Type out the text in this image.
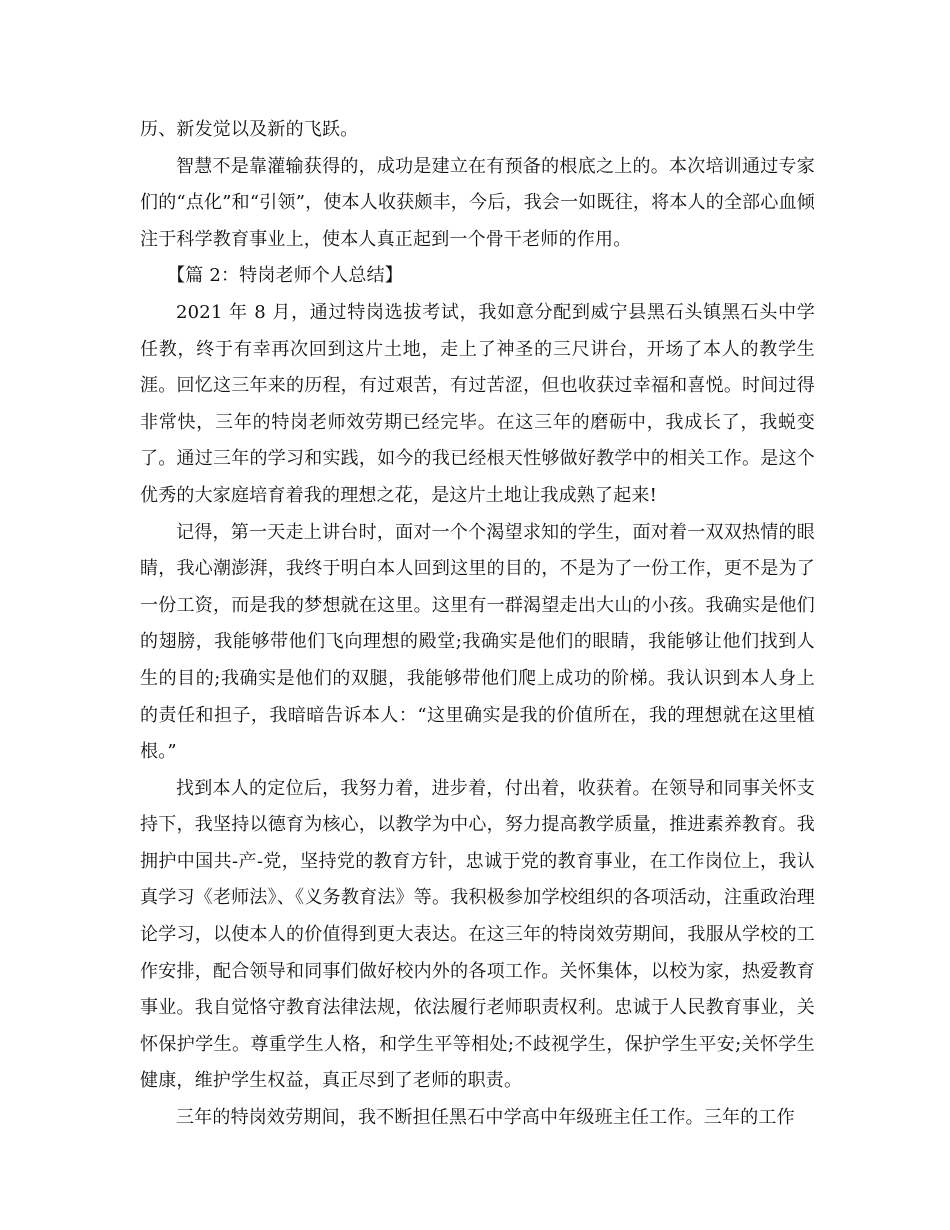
历、新发觉以及新的飞跃。

智慧不是靠灌输获得的，成功是建立在有预备的根底之上的。本次培训通过专家们的“点化”和“引领”，使本人收获颇丰，今后，我会一如既往，将本人的全部心血倾注于科学教育事业上，使本人真正起到一个骨干老师的作用。

【篇 2：特岗老师个人总结】

2021 年 8 月，通过特岗选拔考试，我如意分配到威宁县黑石头镇黑石头中学任教，终于有幸再次回到这片土地，走上了神圣的三尺讲台，开场了本人的教学生涯。回忆这三年来的历程，有过艰苦，有过苦涩，但也收获过幸福和喜悦。时间过得非常快，三年的特岗老师效劳期已经完毕。在这三年的磨砺中，我成长了，我蜕变了。通过三年的学习和实践，如今的我已经根天性够做好教学中的相关工作。是这个优秀的大家庭培育着我的理想之花，是这片土地让我成熟了起来!

记得，第一天走上讲台时，面对一个个渴望求知的学生，面对着一双双热情的眼睛，我心潮澎湃，我终于明白本人回到这里的目的，不是为了一份工作，更不是为了一份工资，而是我的梦想就在这里。这里有一群渴望走出大山的小孩。我确实是他们的翅膀，我能够带他们飞向理想的殿堂;我确实是他们的眼睛，我能够让他们找到人生的目的;我确实是他们的双腿，我能够带他们爬上成功的阶梯。我认识到本人身上的责任和担子，我暗暗告诉本人：“这里确实是我的价值所在，我的理想就在这里植根。”

找到本人的定位后，我努力着，进步着，付出着，收获着。在领导和同事关怀支持下，我坚持以德育为核心，以教学为中心，努力提高教学质量，推进素养教育。我拥护中国共-产-党，坚持党的教育方针，忠诚于党的教育事业，在工作岗位上，我认真学习《老师法》、《义务教育法》等。我积极参加学校组织的各项活动，注重政治理论学习，以使本人的价值得到更大表达。在这三年的特岗效劳期间，我服从学校的工作安排，配合领导和同事们做好校内外的各项工作。关怀集体，以校为家，热爱教育事业。我自觉恪守教育法律法规，依法履行老师职责权利。忠诚于人民教育事业，关怀保护学生。尊重学生人格，和学生平等相处;不歧视学生，保护学生平安;关怀学生健康，维护学生权益，真正尽到了老师的职责。

三年的特岗效劳期间，我不断担任黑石中学高中年级班主任工作。三年的工作
